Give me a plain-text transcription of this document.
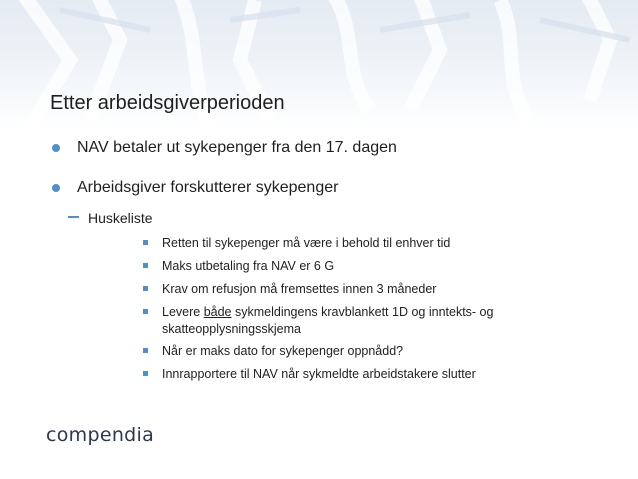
Etter arbeidsgiverperioden
NAV betaler ut sykepenger fra den 17. dagen
Arbeidsgiver forskutterer sykepenger
Huskeliste
Retten til sykepenger må være i behold til enhver tid
Maks utbetaling fra NAV er 6 G
Krav om refusjon må fremsettes innen 3 måneder
Levere både sykmeldingens kravblankett 1D og inntekts- og skatteopplysningsskjema
Når er maks dato for sykepenger oppnådd?
Innrapportere til NAV når sykmeldte arbeidstakere slutter
compendia
